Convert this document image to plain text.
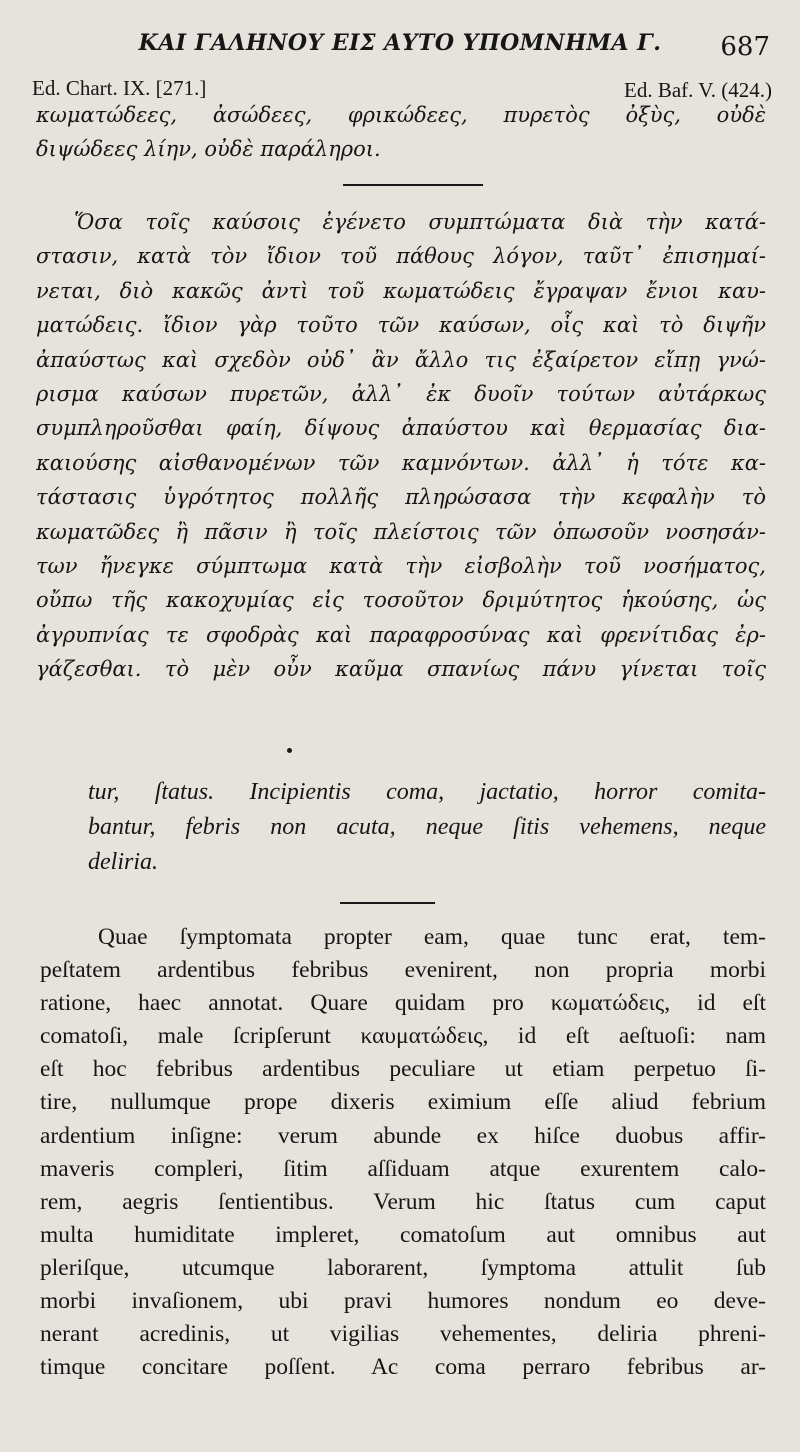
ΚΑΙ ΓΑΛΗΝΟΥ ΕΙΣ ΑΥΤΟ ΥΠΟΜΝΗΜΑ Γ.	687
Ed. Chart. IX. [271.]	Ed. Baf. V. (424.)
κωματώδεες, ἀσώδεες, φρικώδεες, πυρετὸς ὀξὺς, οὐδὲ
διψώδεες λίην, οὐδὲ παράληροι.
Ὅσα τοῖς καύσοις ἐγένετο συμπτώματα διὰ τὴν κατά-
στασιν, κατὰ τὸν ἴδιον τοῦ πάθους λόγον, ταῦτ᾽ ἐπισημαί-
νεται, διὸ κακῶς ἀντὶ τοῦ κωματώδεις ἔγραψαν ἔνιοι καυ-
ματώδεις. ἴδιον γὰρ τοῦτο τῶν καύσων, οἷς καὶ τὸ διψῆν
ἀπαύστως καὶ σχεδὸν οὐδ᾽ ἂν ἄλλο τις ἐξαίρετον εἴπῃ γνώ-
ρισμα καύσων πυρετῶν, ἀλλ᾽ ἐκ δυοῖν τούτων αὐτάρκως
συμπληροῦσθαι φαίη, δίψους ἀπαύστου καὶ θερμασίας δια-
καιούσης αἰσθανομένων τῶν καμνόντων. ἀλλ᾽ ἡ τότε κα-
τάστασις ὑγρότητος πολλῆς πληρώσασα τὴν κεφαλὴν τὸ
κωματῶδες ἢ πᾶσιν ἢ τοῖς πλείστοις τῶν ὁπωσοῦν νοσησάν-
των ἤνεγκε σύμπτωμα κατὰ τὴν εἰσβολὴν τοῦ νοσήματος,
οὔπω τῆς κακοχυμίας εἰς τοσοῦτον δριμύτητος ἡκούσης, ὡς
ἀγρυπνίας τε σφοδρὰς καὶ παραφροσύνας καὶ φρενίτιδας ἐρ-
γάζεσθαι. τὸ μὲν οὖν καῦμα σπανίως πάνυ γίνεται τοῖς
tur, ſtatus. Incipientis coma, jactatio, horror comita-
bantur, febris non acuta, neque ſitis vehemens, neque
deliria.
Quae ſymptomata propter eam, quae tunc erat, tem-
peſtatem ardentibus febribus evenirent, non propria morbi
ratione, haec annotat. Quare quidam pro κωματώδεις, id eſt
comatoſi, male ſcripſerunt καυματώδεις, id eſt aeſtuoſi: nam
eſt hoc febribus ardentibus peculiare ut etiam perpetuo ſi-
tire, nullumque prope dixeris eximium eſſe aliud febrium
ardentium inſigne: verum abunde ex hiſce duobus affir-
maveris compleri, ſitim aſſiduam atque exurentem calo-
rem, aegris ſentientibus. Verum hic ſtatus cum caput
multa humiditate impleret, comatoſum aut omnibus aut
pleriſque, utcumque laborarent, ſymptoma attulit ſub
morbi invaſionem, ubi pravi humores nondum eo deve-
nerant acredinis, ut vigilias vehementes, deliria phreni-
timque concitare poſſent. Ac coma perraro febribus ar-
